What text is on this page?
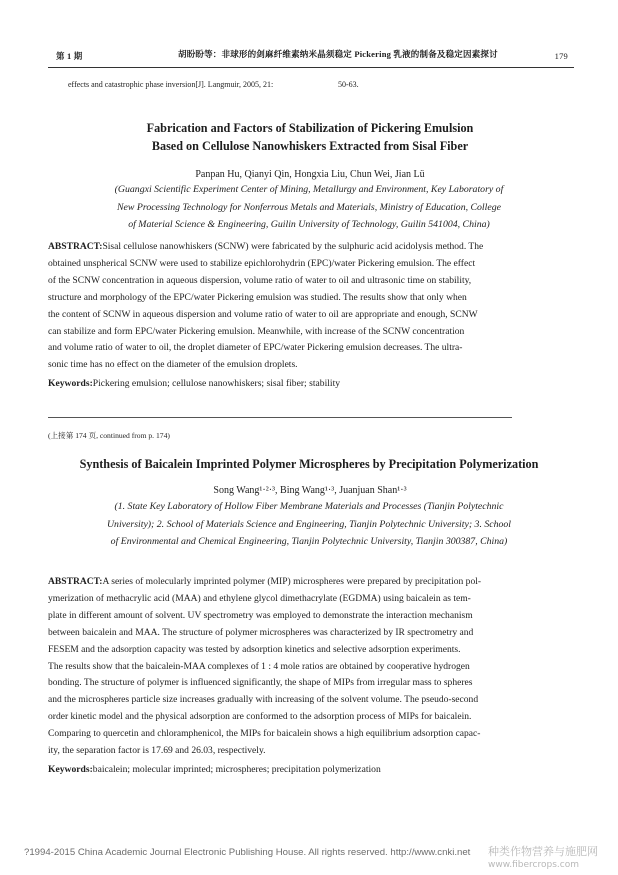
第 1 期	胡盼盼等：非球形的剑麻纤维素纳米晶须稳定 Pickering 乳液的制备及稳定因素探讨	179
effects and catastrophic phase inversion[J]. Langmuir, 2005, 21:	50-63.
Fabrication and Factors of Stabilization of Pickering Emulsion
Based on Cellulose Nanowhiskers Extracted from Sisal Fiber
Panpan Hu, Qianyi Qin, Hongxia Liu, Chun Wei, Jian Lü
(Guangxi Scientific Experiment Center of Mining, Metallurgy and Environment, Key Laboratory of
New Processing Technology for Nonferrous Metals and Materials, Ministry of Education, College
of Material Science & Engineering, Guilin University of Technology, Guilin 541004, China)
ABSTRACT:Sisal cellulose nanowhiskers (SCNW) were fabricated by the sulphuric acid acidolysis method. The
obtained unspherical SCNW were used to stabilize epichlorohydrin (EPC)/water Pickering emulsion. The effect
of the SCNW concentration in aqueous dispersion, volume ratio of water to oil and ultrasonic time on stability,
structure and morphology of the EPC/water Pickering emulsion was studied. The results show that only when
the content of SCNW in aqueous dispersion and volume ratio of water to oil are appropriate and enough, SCNW
can stabilize and form EPC/water Pickering emulsion. Meanwhile, with increase of the SCNW concentration
and volume ratio of water to oil, the droplet diameter of EPC/water Pickering emulsion decreases. The ultra-
sonic time has no effect on the diameter of the emulsion droplets.
Keywords:Pickering emulsion; cellulose nanowhiskers; sisal fiber; stability
(上接第 174 页, continued from p. 174)
Synthesis of Baicalein Imprinted Polymer Microspheres by Precipitation Polymerization
Song Wang¹·²·³, Bing Wang¹·³, Juanjuan Shan¹·³
(1. State Key Laboratory of Hollow Fiber Membrane Materials and Processes (Tianjin Polytechnic
University); 2. School of Materials Science and Engineering, Tianjin Polytechnic University; 3. School
of Environmental and Chemical Engineering, Tianjin Polytechnic University, Tianjin 300387, China)
ABSTRACT:A series of molecularly imprinted polymer (MIP) microspheres were prepared by precipitation pol-
ymerization of methacrylic acid (MAA) and ethylene glycol dimethacrylate (EGDMA) using baicalein as tem-
plate in different amount of solvent. UV spectrometry was employed to demonstrate the interaction mechanism
between baicalein and MAA. The structure of polymer microspheres was characterized by IR spectrometry and
FESEM and the adsorption capacity was tested by adsorption kinetics and selective adsorption experiments.
The results show that the baicalein-MAA complexes of 1 : 4 mole ratios are obtained by cooperative hydrogen
bonding. The structure of polymer is influenced significantly, the shape of MIPs from irregular mass to spheres
and the microspheres particle size increases gradually with increasing of the solvent volume. The pseudo-second
order kinetic model and the physical adsorption are conformed to the adsorption process of MIPs for baicalein.
Comparing to quercetin and chloramphenicol, the MIPs for baicalein shows a high equilibrium adsorption capac-
ity, the separation factor is 17.69 and 26.03, respectively.
Keywords:baicalein; molecular imprinted; microspheres; precipitation polymerization
?1994-2015 China Academic Journal Electronic Publishing House. All rights reserved. http://www.cnki.net 种类作物营养与施肥网
www.fibercrops.com
